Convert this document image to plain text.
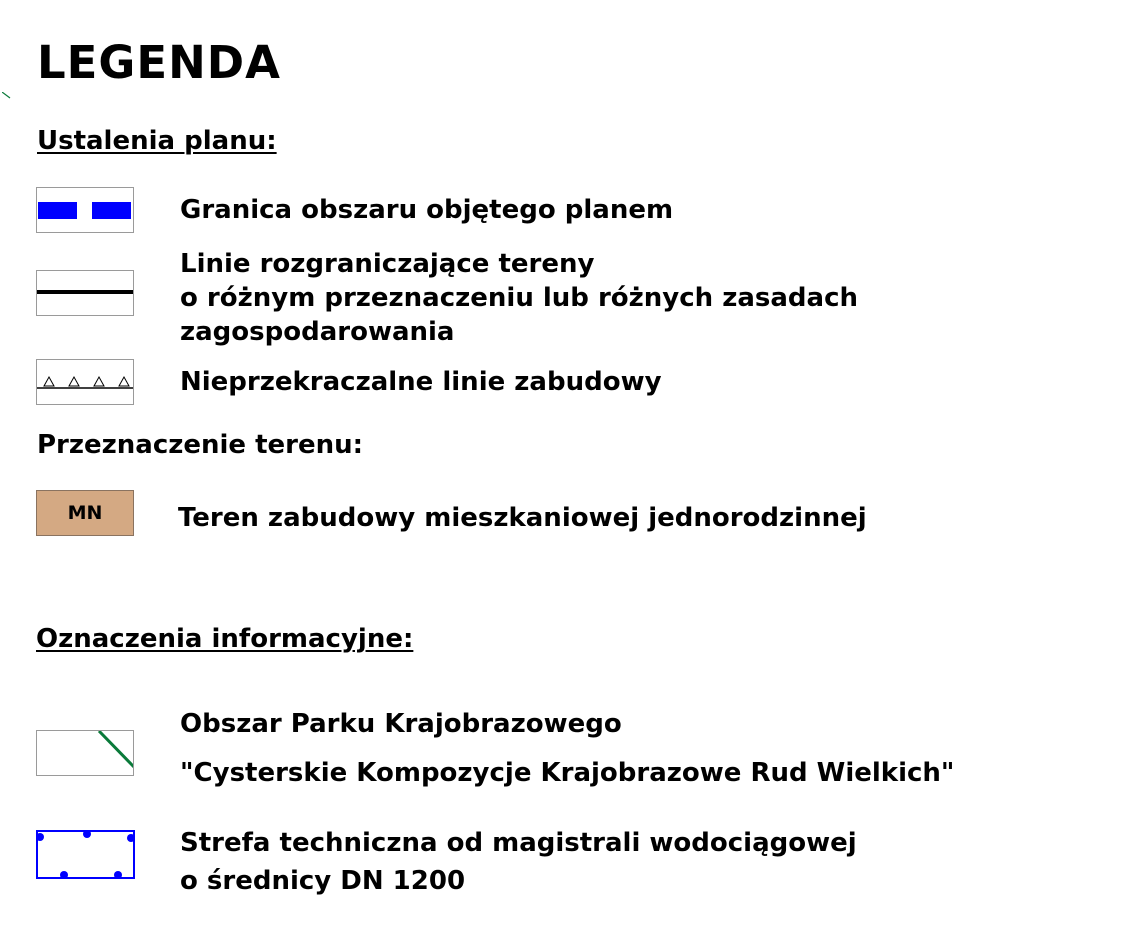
LEGENDA
Ustalenia planu:
Granica obszaru objętego planem
Linie rozgraniczające tereny
o różnym przeznaczeniu lub różnych zasadach
zagospodarowania
Nieprzekraczalne linie zabudowy
Przeznaczenie terenu:
MN	Teren zabudowy mieszkaniowej jednorodzinnej
Oznaczenia informacyjne:
Obszar Parku Krajobrazowego
"Cysterskie Kompozycje Krajobrazowe Rud Wielkich"
Strefa techniczna od magistrali wodociągowej
o średnicy DN 1200
